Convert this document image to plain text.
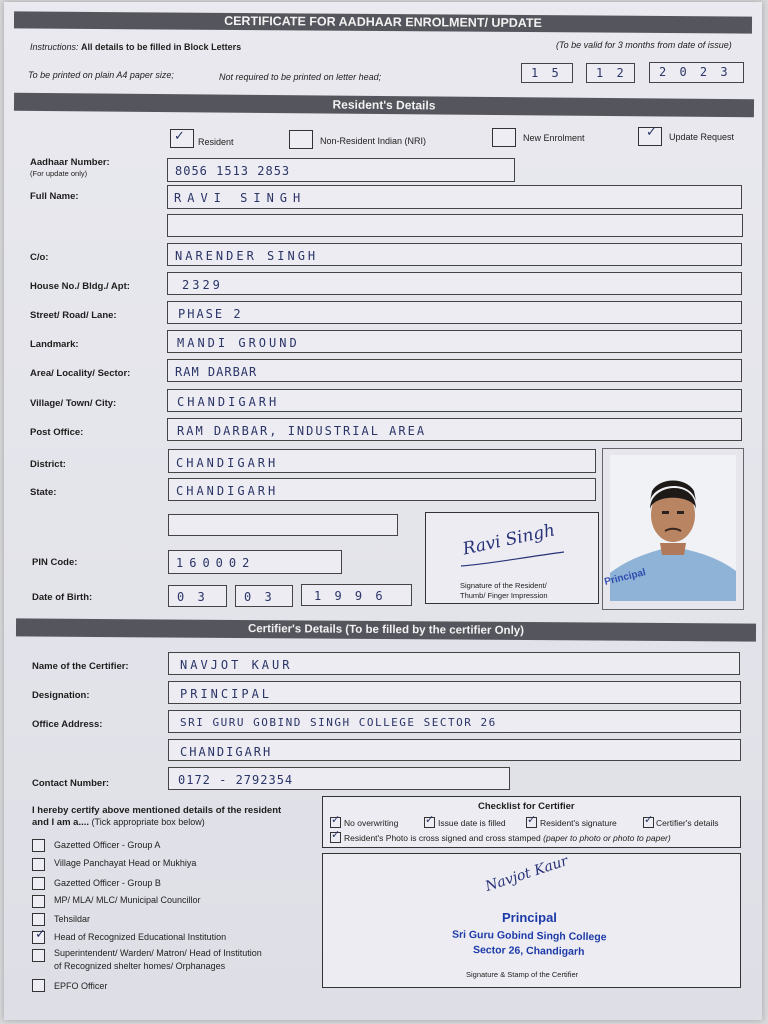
CERTIFICATE FOR AADHAAR ENROLMENT/ UPDATE
Instructions: All details to be filled in Block Letters	(To be valid for 3 months from date of issue)
To be printed on plain A4 paper size;	Not required to be printed on letter head;	1 5	1 2	2 0 2 3
Resident's Details
✓ Resident	Non-Resident Indian (NRI)	New Enrolment	✓ Update Request
Aadhaar Number:
(For update only)	8056 1513 2853
Full Name:	RAVI SINGH
C/o:	NARENDER SINGH
House No./ Bldg./ Apt:	2329
Street/ Road/ Lane:	PHASE 2
Landmark:	MANDI GROUND
Area/ Locality/ Sector:	RAM DARBAR
Village/ Town/ City:	CHANDIGARH
Post Office:	RAM DARBAR, INDUSTRIAL AREA
District:	CHANDIGARH
State:	CHANDIGARH
PIN Code:	160002
Date of Birth:	0 3	0 3	1 9 9 6
Ravi Singh
Signature of the Resident/
Thumb/ Finger Impression
Principal
Certifier's Details (To be filled by the certifier Only)
Name of the Certifier:	NAVJOT KAUR
Designation:	PRINCIPAL
Office Address:	SRI GURU GOBIND SINGH COLLEGE SECTOR 26
CHANDIGARH
Contact Number:	0172 - 2792354
I hereby certify above mentioned details of the resident
and I am a.... (Tick appropriate box below)
Gazetted Officer - Group A
Village Panchayat Head or Mukhiya
Gazetted Officer - Group B
MP/ MLA/ MLC/ Municipal Councillor
Tehsildar
✓ Head of Recognized Educational Institution
Superintendent/ Warden/ Matron/ Head of Institution
of Recognized shelter homes/ Orphanages
EPFO Officer
Checklist for Certifier
✓ No overwriting ✓ Issue date is filled ✓ Resident's signature ✓ Certifier's details
✓ Resident's Photo is cross signed and cross stamped (paper to photo or photo to paper)
Navjot Kaur
Principal
Sri Guru Gobind Singh College
Sector 26, Chandigarh
Signature & Stamp of the Certifier
